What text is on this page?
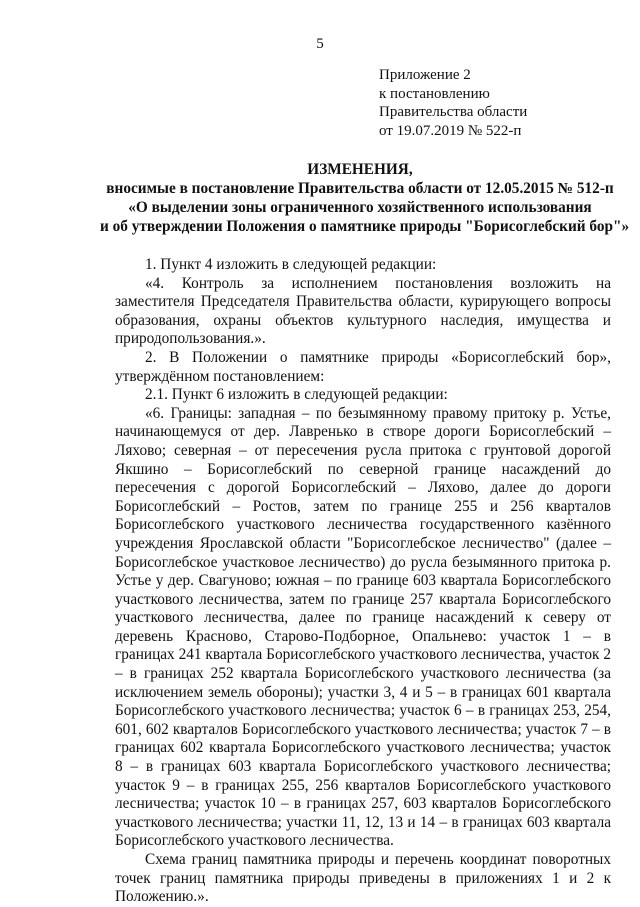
5
Приложение 2
к постановлению
Правительства области
от 19.07.2019 № 522-п
ИЗМЕНЕНИЯ,
вносимые в постановление Правительства области от 12.05.2015 № 512-п
«О выделении зоны ограниченного хозяйственного использования
и об утверждении Положения о памятнике природы "Борисоглебский бор"»

1. Пункт 4 изложить в следующей редакции:

«4. Контроль за исполнением постановления возложить на заместителя Председателя Правительства области, курирующего вопросы образования, охраны объектов культурного наследия, имущества и природопользования.».

2. В Положении о памятнике природы «Борисоглебский бор», утверждённом постановлением:

2.1. Пункт 6 изложить в следующей редакции:

«6. Границы: западная – по безымянному правому притоку р. Устье, начинающемуся от дер. Лавренько в створе дороги Борисоглебский – Ляхово; северная – от пересечения русла притока с грунтовой дорогой Якшино – Борисоглебский по северной границе насаждений до пересечения с дорогой Борисоглебский – Ляхово, далее до дороги Борисоглебский – Ростов, затем по границе 255 и 256 кварталов Борисоглебского участкового лесничества государственного казённого учреждения Ярославской области "Борисоглебское лесничество" (далее – Борисоглебское участковое лесничество) до русла безымянного притока р. Устье у дер. Свагуново; южная – по границе 603 квартала Борисоглебского участкового лесничества, затем по границе 257 квартала Борисоглебского участкового лесничества, далее по границе насаждений к северу от деревень Красново, Старово-Подборное, Опальнево: участок 1 – в границах 241 квартала Борисоглебского участкового лесничества, участок 2 – в границах 252 квартала Борисоглебского участкового лесничества (за исключением земель обороны); участки 3, 4 и 5 – в границах 601 квартала Борисоглебского участкового лесничества; участок 6 – в границах 253, 254, 601, 602 кварталов Борисоглебского участкового лесничества; участок 7 – в границах 602 квартала Борисоглебского участкового лесничества; участок 8 – в границах 603 квартала Борисоглебского участкового лесничества; участок 9 – в границах 255, 256 кварталов Борисоглебского участкового лесничества; участок 10 – в границах 257, 603 кварталов Борисоглебского участкового лесничества; участки 11, 12, 13 и 14 – в границах 603 квартала Борисоглебского участкового лесничества.

Схема границ памятника природы и перечень координат поворотных точек границ памятника природы приведены в приложениях 1 и 2 к Положению.».
